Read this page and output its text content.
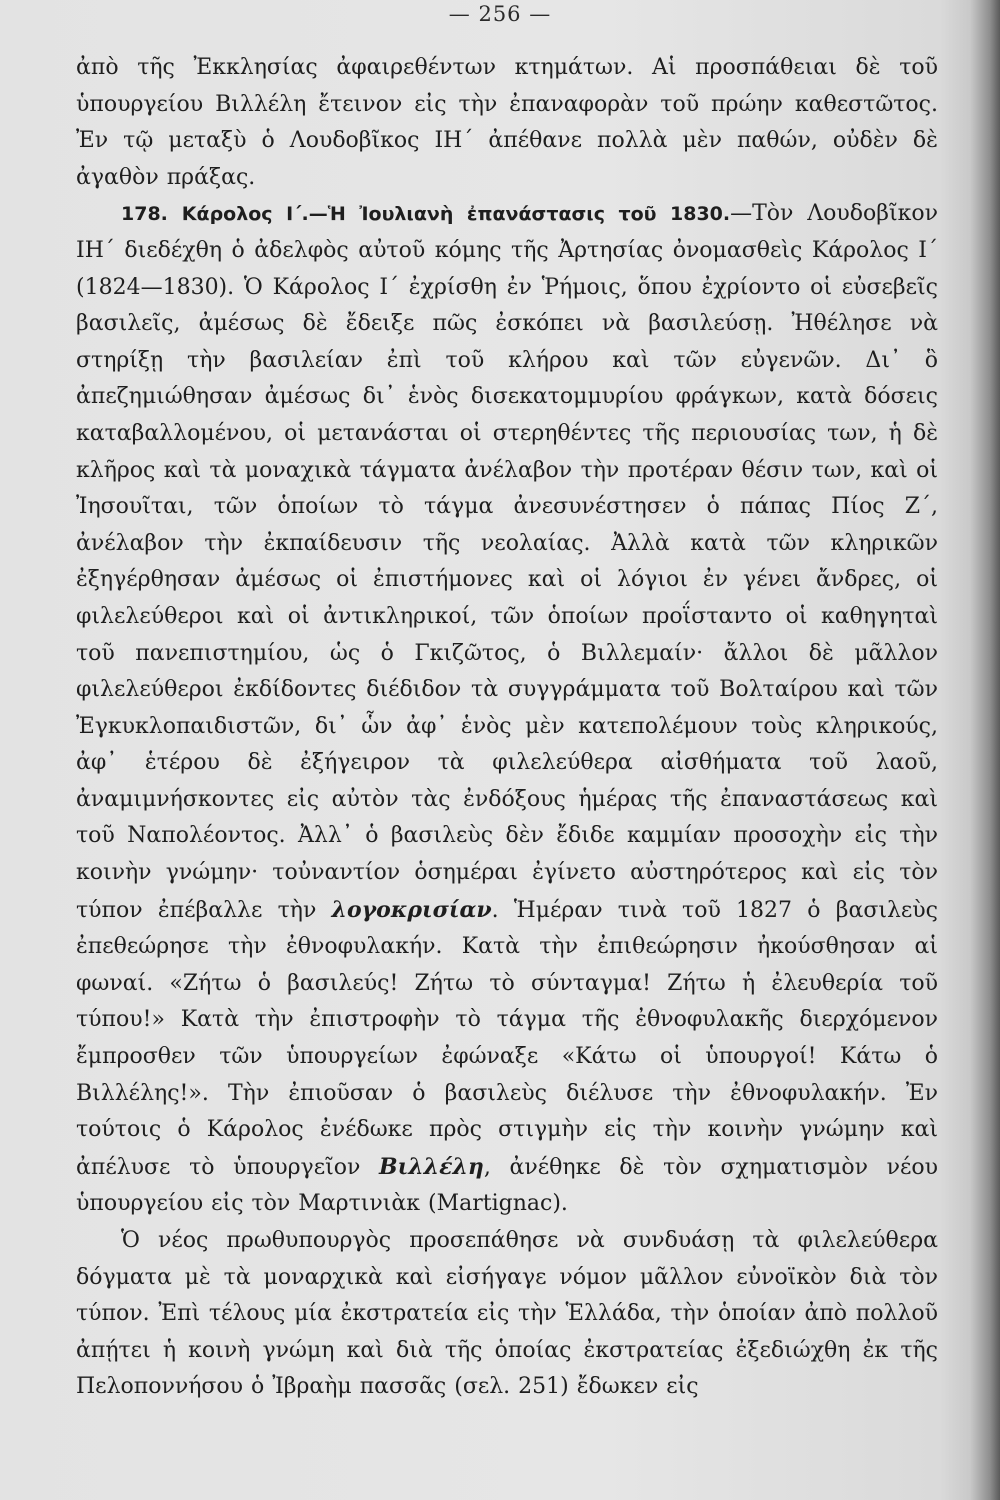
— 256 —

ἀπὸ τῆς Ἐκκλησίας ἀφαιρεθέντων κτημάτων. Αἱ προσπάθειαι δὲ τοῦ ὑπουργείου Βιλλέλη ἔτεινον εἰς τὴν ἐπαναφορὰν τοῦ πρώην καθεστῶτος. Ἐν τῷ μεταξὺ ὁ Λουδοβῖκος ΙΗ΄ ἀπέθανε πολλὰ μὲν παθών, οὐδὲν δὲ ἀγαθὸν πράξας.

178. Κάρολος Ι΄.—Ἡ Ἰουλιανὴ ἐπανάστασις τοῦ 1830.—Τὸν Λουδοβῖκον ΙΗ΄ διεδέχθη ὁ ἀδελφὸς αὐτοῦ κόμης τῆς Ἀρτησίας ὀνομασθεὶς Κάρολος Ι΄ (1824—1830). Ὁ Κάρολος Ι΄ ἐχρίσθη ἐν Ῥήμοις, ὅπου ἐχρίοντο οἱ εὐσεβεῖς βασιλεῖς, ἀμέσως δὲ ἔδειξε πῶς ἐσκόπει νὰ βασιλεύσῃ. Ἠθέλησε νὰ στηρίξῃ τὴν βασιλείαν ἐπὶ τοῦ κλήρου καὶ τῶν εὐγενῶν. Δι᾽ ὃ ἀπεζημιώθησαν ἀμέσως δι᾽ ἑνὸς δισεκατομμυρίου φράγκων, κατὰ δόσεις καταβαλλομένου, οἱ μετανάσται οἱ στερηθέντες τῆς περιουσίας των, ἡ δὲ κλῆρος καὶ τὰ μοναχικὰ τάγματα ἀνέλαβον τὴν προτέραν θέσιν των, καὶ οἱ Ἰησουῖται, τῶν ὁποίων τὸ τάγμα ἀνεσυνέστησεν ὁ πάπας Πίος Ζ΄, ἀνέλαβον τὴν ἐκπαίδευσιν τῆς νεολαίας. Ἀλλὰ κατὰ τῶν κληρικῶν ἐξηγέρθησαν ἀμέσως οἱ ἐπιστήμονες καὶ οἱ λόγιοι ἐν γένει ἄνδρες, οἱ φιλελεύθεροι καὶ οἱ ἀντικληρικοί, τῶν ὁποίων προΐσταντο οἱ καθηγηταὶ τοῦ πανεπιστημίου, ὡς ὁ Γκιζῶτος, ὁ Βιλλεμαίν· ἄλλοι δὲ μᾶλλον φιλελεύθεροι ἐκδίδοντες διέδιδον τὰ συγγράμματα τοῦ Βολταίρου καὶ τῶν Ἐγκυκλοπαιδιστῶν, δι᾽ ὧν ἀφ᾽ ἑνὸς μὲν κατεπολέμουν τοὺς κληρικούς, ἀφ᾽ ἑτέρου δὲ ἐξήγειρον τὰ φιλελεύθερα αἰσθήματα τοῦ λαοῦ, ἀναμιμνήσκοντες εἰς αὐτὸν τὰς ἐνδόξους ἡμέρας τῆς ἐπαναστάσεως καὶ τοῦ Ναπολέοντος. Ἀλλ᾽ ὁ βασιλεὺς δὲν ἔδιδε καμμίαν προσοχὴν εἰς τὴν κοινὴν γνώμην· τοὐναντίον ὁσημέραι ἐγίνετο αὐστηρότερος καὶ εἰς τὸν τύπον ἐπέβαλλε τὴν λογοκρισίαν. Ἡμέραν τινὰ τοῦ 1827 ὁ βασιλεὺς ἐπεθεώρησε τὴν ἐθνοφυλακήν. Κατὰ τὴν ἐπιθεώρησιν ἠκούσθησαν αἱ φωναί. «Ζήτω ὁ βασιλεύς! Ζήτω τὸ σύνταγμα! Ζήτω ἡ ἐλευθερία τοῦ τύπου!» Κατὰ τὴν ἐπιστροφὴν τὸ τάγμα τῆς ἐθνοφυλακῆς διερχόμενον ἔμπροσθεν τῶν ὑπουργείων ἐφώναξε «Κάτω οἱ ὑπουργοί! Κάτω ὁ Βιλλέλης!». Τὴν ἐπιοῦσαν ὁ βασιλεὺς διέλυσε τὴν ἐθνοφυλακήν. Ἐν τούτοις ὁ Κάρολος ἐνέδωκε πρὸς στιγμὴν εἰς τὴν κοινὴν γνώμην καὶ ἀπέλυσε τὸ ὑπουργεῖον Βιλλέλη, ἀνέθηκε δὲ τὸν σχηματισμὸν νέου ὑπουργείου εἰς τὸν Μαρτινιὰκ (Martignac).

Ὁ νέος πρωθυπουργὸς προσεπάθησε νὰ συνδυάσῃ τὰ φιλελεύθερα δόγματα μὲ τὰ μοναρχικὰ καὶ εἰσήγαγε νόμον μᾶλλον εὐνοϊκὸν διὰ τὸν τύπον. Ἐπὶ τέλους μία ἐκστρατεία εἰς τὴν Ἑλλάδα, τὴν ὁποίαν ἀπὸ πολλοῦ ἀπῄτει ἡ κοινὴ γνώμη καὶ διὰ τῆς ὁποίας ἐκστρατείας ἐξεδιώχθη ἐκ τῆς Πελοποννήσου ὁ Ἰβραὴμ πασσᾶς (σελ. 251) ἔδωκεν εἰς
